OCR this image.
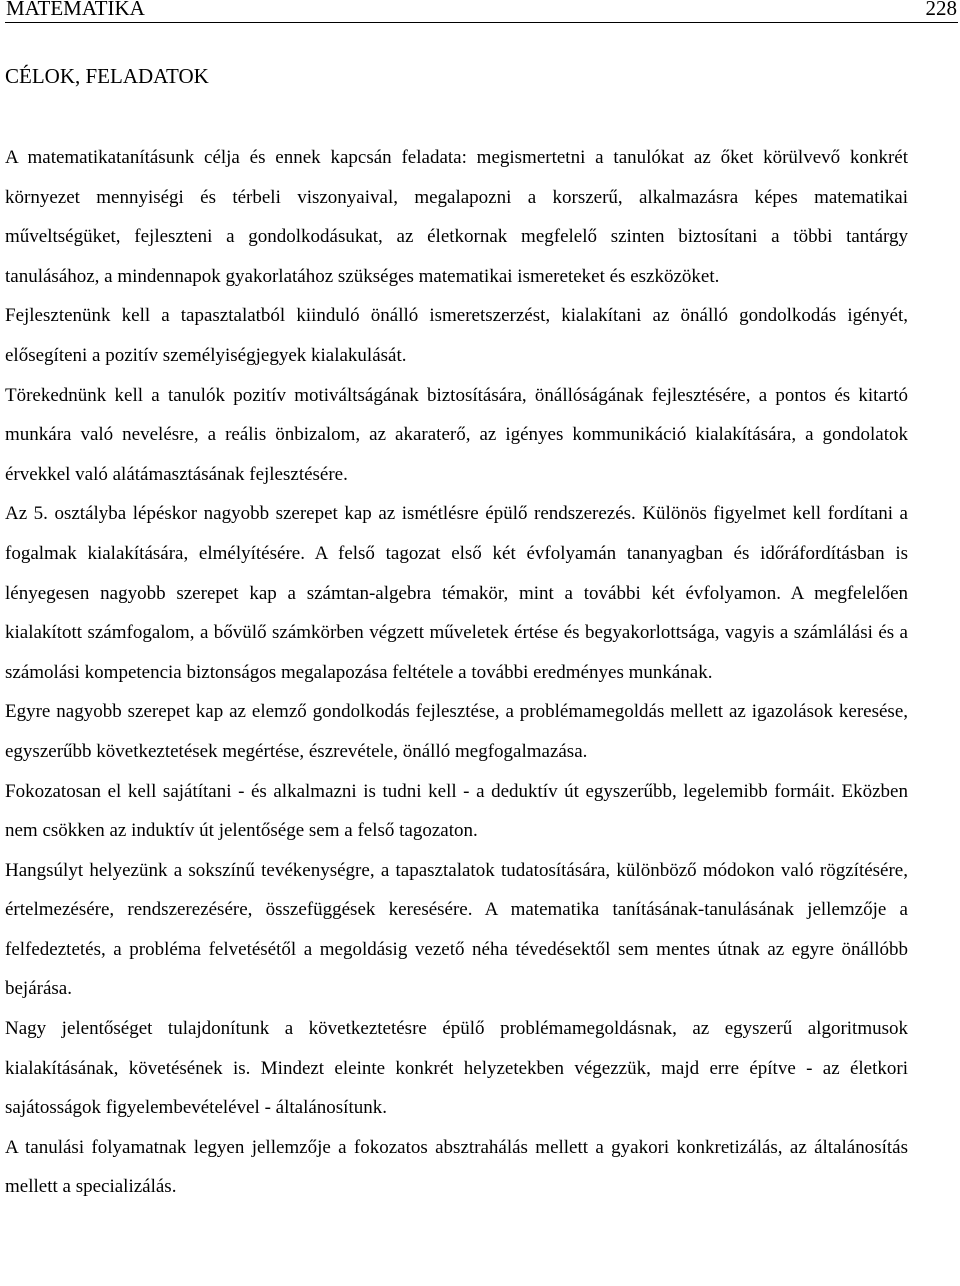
MATEMATIKA	228
CÉLOK, FELADATOK

A matematikatanításunk célja és ennek kapcsán feladata: megismertetni a tanulókat az őket körülvevő konkrét környezet mennyiségi és térbeli viszonyaival, megalapozni a korszerű, alkalmazásra képes matematikai műveltségüket, fejleszteni a gondolkodásukat, az életkornak megfelelő szinten biztosítani a többi tantárgy tanulásához, a mindennapok gyakorlatához szükséges matematikai ismereteket és eszközöket.

Fejlesztenünk kell a tapasztalatból kiinduló önálló ismeretszerzést, kialakítani az önálló gondolkodás igényét, elősegíteni a pozitív személyiségjegyek kialakulását.

Törekednünk kell a tanulók pozitív motiváltságának biztosítására, önállóságának fejlesztésére, a pontos és kitartó munkára való nevelésre, a reális önbizalom, az akaraterő, az igényes kommunikáció kialakítására, a gondolatok érvekkel való alátámasztásának fejlesztésére.

Az 5. osztályba lépéskor nagyobb szerepet kap az ismétlésre épülő rendszerezés. Különös figyelmet kell fordítani a fogalmak kialakítására, elmélyítésére. A felső tagozat első két évfolyamán tananyagban és időráfordításban is lényegesen nagyobb szerepet kap a számtan-algebra témakör, mint a további két évfolyamon. A megfelelően kialakított számfogalom, a bővülő számkörben végzett műveletek értése és begyakorlottsága, vagyis a számlálási és a számolási kompetencia biztonságos megalapozása feltétele a további eredményes munkának.

Egyre nagyobb szerepet kap az elemző gondolkodás fejlesztése, a problémamegoldás mellett az igazolások keresése, egyszerűbb következtetések megértése, észrevétele, önálló megfogalmazása.

Fokozatosan el kell sajátítani - és alkalmazni is tudni kell - a deduktív út egyszerűbb, legelemibb formáit. Eközben nem csökken az induktív út jelentősége sem a felső tagozaton.

Hangsúlyt helyezünk a sokszínű tevékenységre, a tapasztalatok tudatosítására, különböző módokon való rögzítésére, értelmezésére, rendszerezésére, összefüggések keresésére. A matematika tanításának-tanulásának jellemzője a felfedeztetés, a probléma felvetésétől a megoldásig vezető néha tévedésektől sem mentes útnak az egyre önállóbb bejárása.

Nagy jelentőséget tulajdonítunk a következtetésre épülő problémamegoldásnak, az egyszerű algoritmusok kialakításának, követésének is. Mindezt eleinte konkrét helyzetekben végezzük, majd erre építve - az életkori sajátosságok figyelembevételével - általánosítunk.

A tanulási folyamatnak legyen jellemzője a fokozatos absztrahálás mellett a gyakori konkretizálás, az általánosítás mellett a specializálás.
